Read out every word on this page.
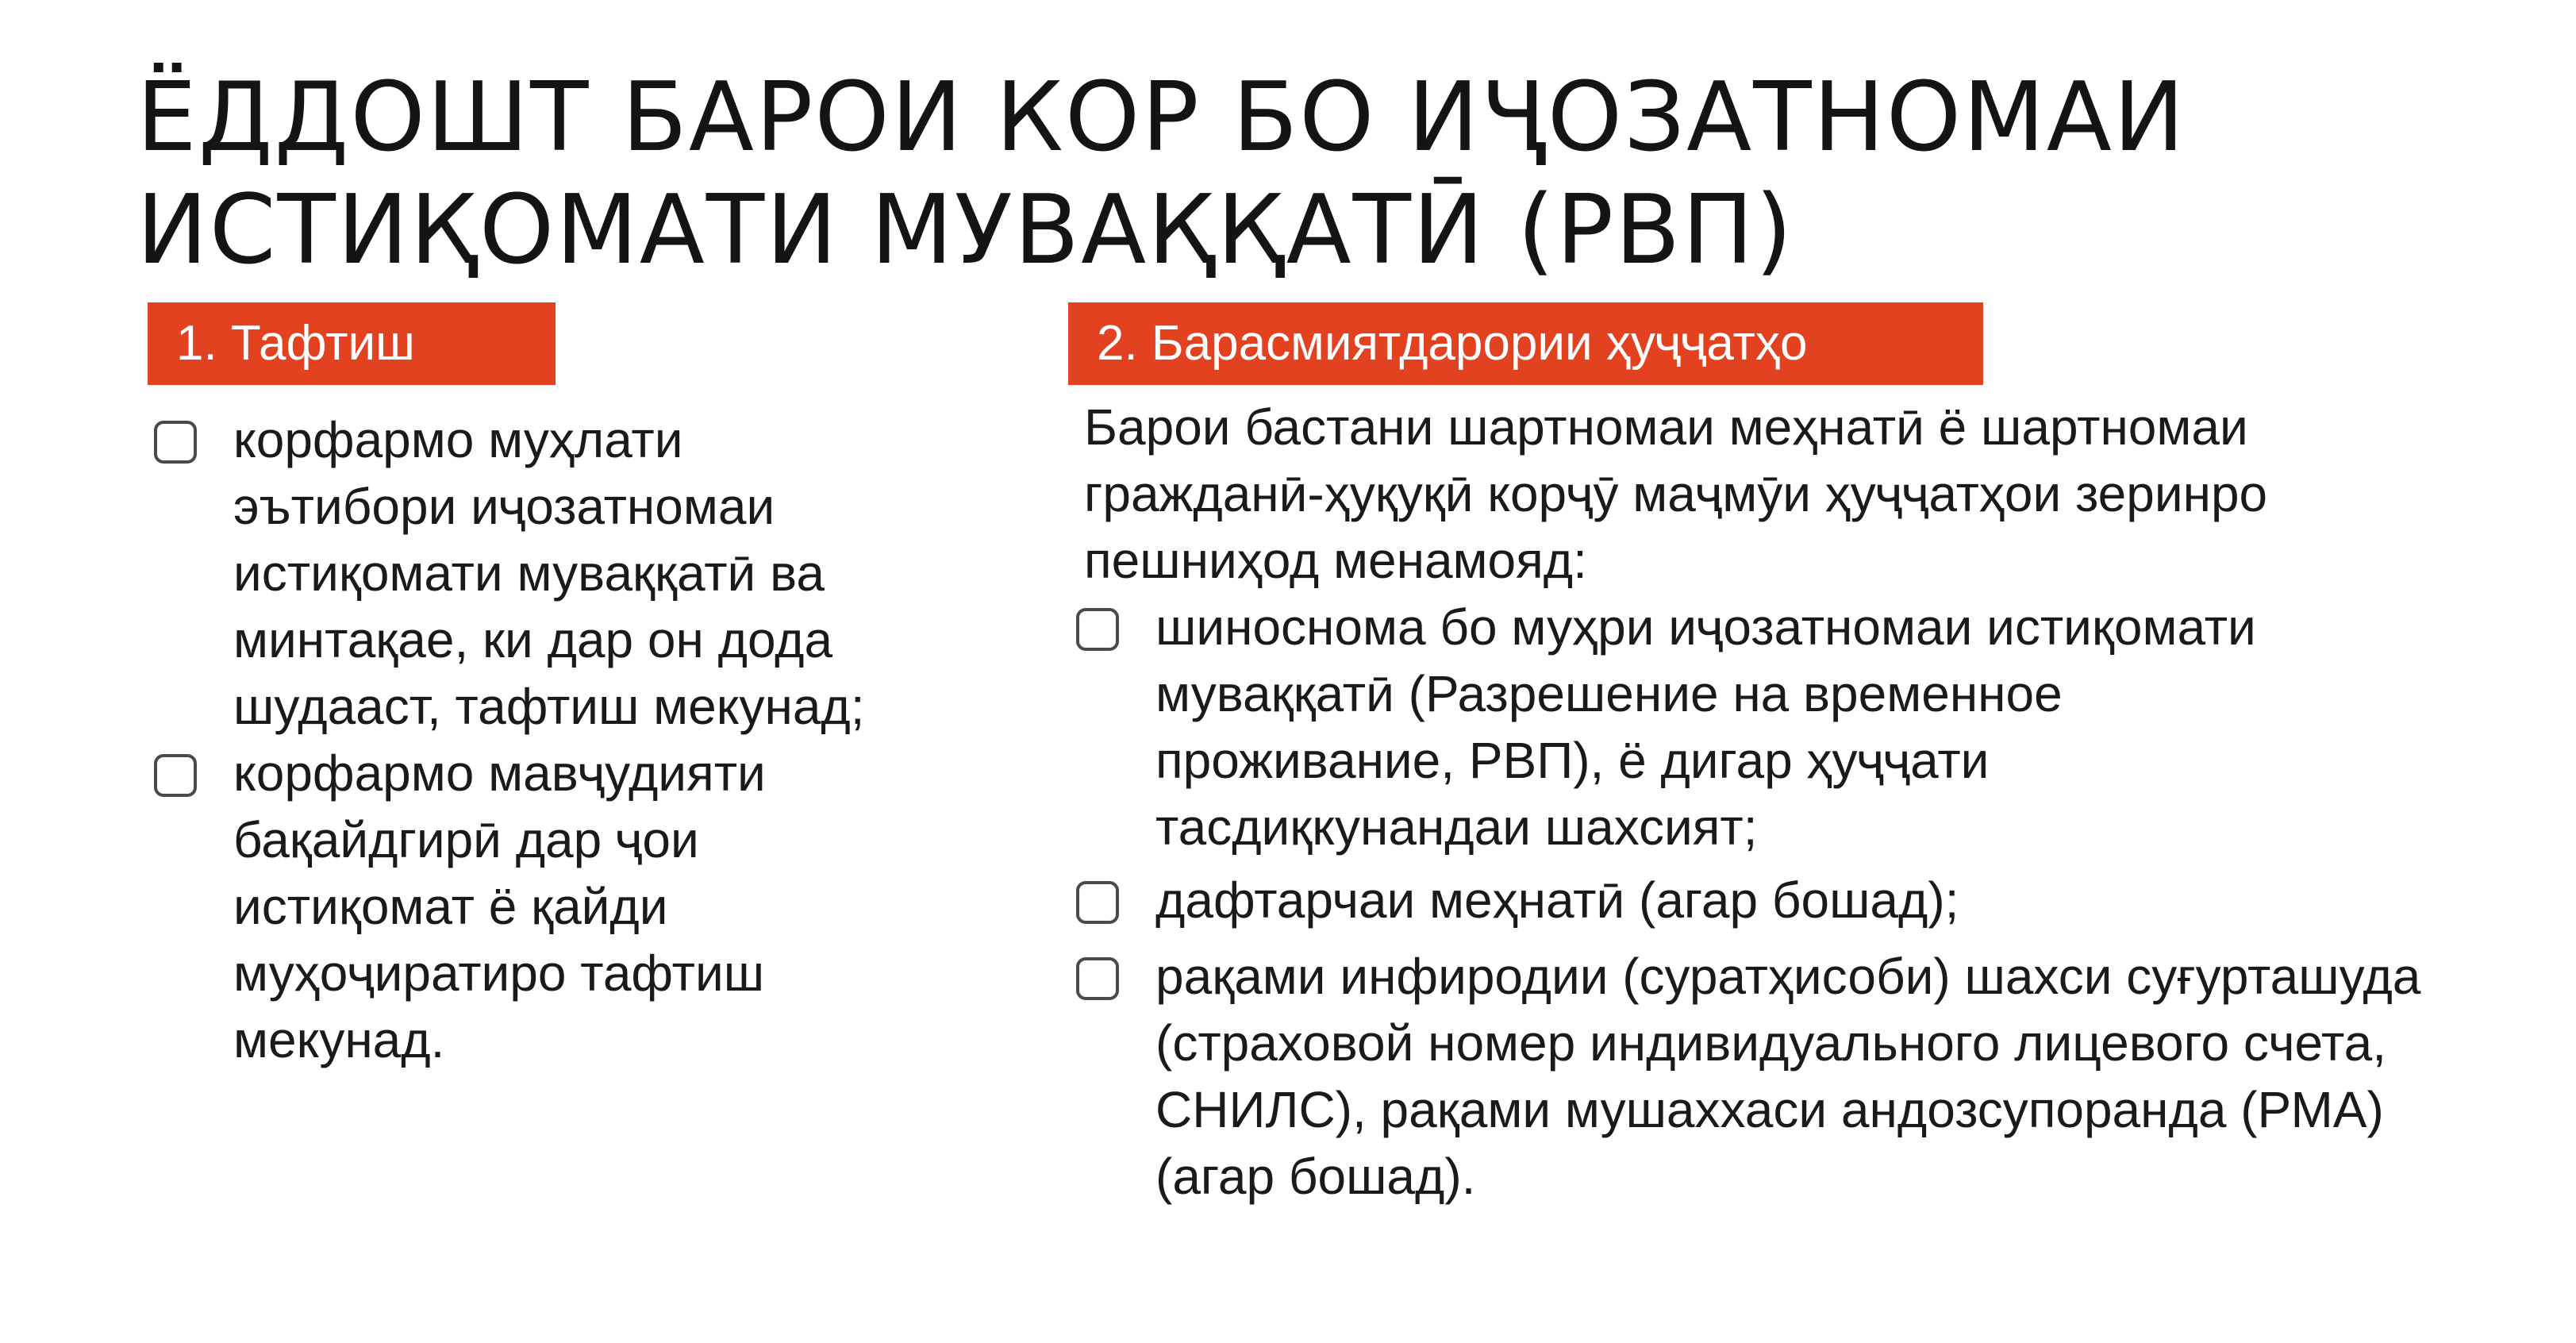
ЁДДОШТ БАРОИ КОР БО ИҶОЗАТНОМАИ
ИСТИҚОМАТИ МУВАҚҚАТӢ (РВП)
1. Тафтиш	2. Барасмиятдарории ҳуҷҷатҳо
корфармо муҳлати эътибори иҷозатномаи истиқомати муваққатӣ ва минтақае, ки дар он дода шудааст, тафтиш мекунад;
корфармо мавҷудияти бақайдгирӣ дар ҷои истиқомат ё қайди муҳоҷиратиро тафтиш мекунад.

Барои бастани шартномаи меҳнатӣ ё шартномаи гражданӣ-ҳуқуқӣ корҷӯ маҷмӯи ҳуҷҷатҳои зеринро пешниҳод менамояд:

шиноснома бо муҳри иҷозатномаи истиқомати муваққатӣ (Разрешение на временное проживание, РВП), ё дигар ҳуҷҷати тасдиқкунандаи шахсият;
дафтарчаи меҳнатӣ (агар бошад);
рақами инфиродии (суратҳисоби) шахси суғурташуда (страховой номер индивидуального лицевого счета, СНИЛС), рақами мушаххаси андозсупоранда (РМА) (агар бошад).
